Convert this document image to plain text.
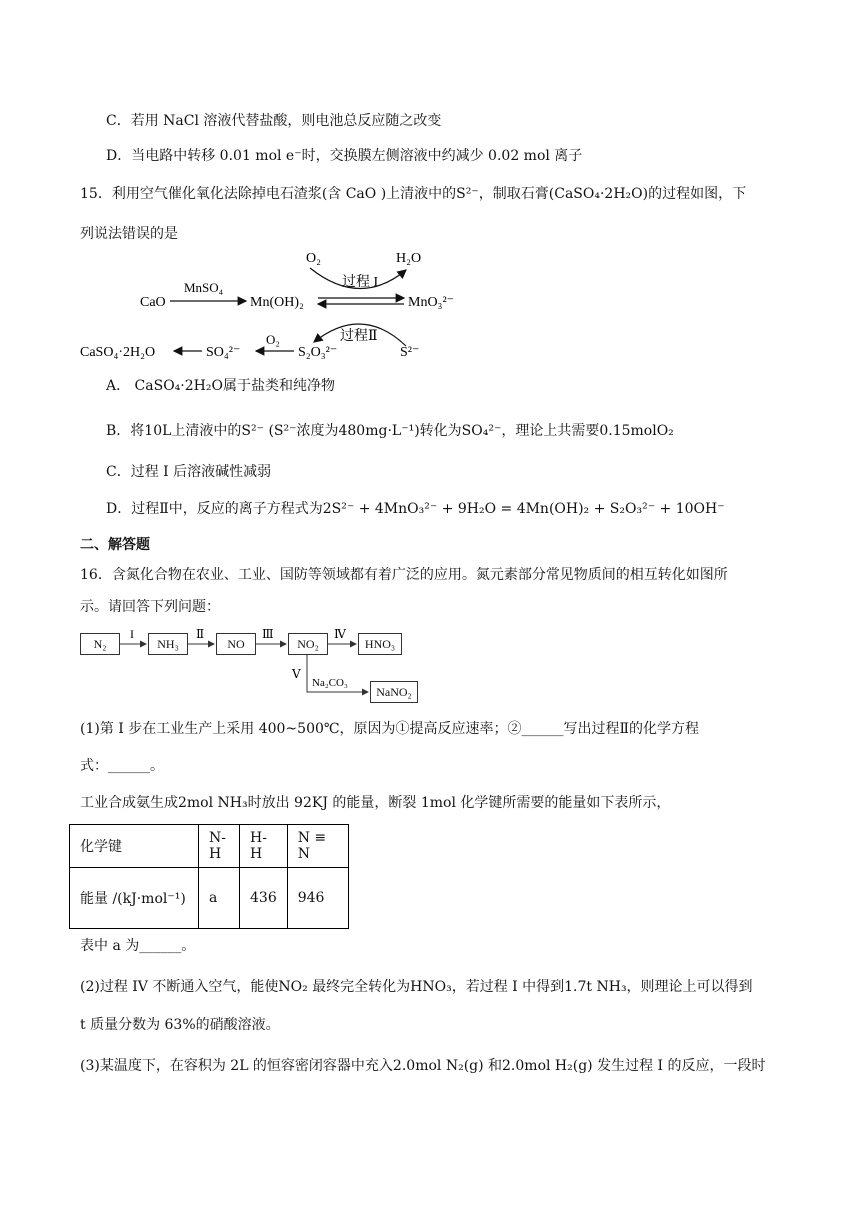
C．若用 NaCl 溶液代替盐酸，则电池总反应随之改变
D．当电路中转移 0.01 mol e⁻时，交换膜左侧溶液中约减少 0.02 mol 离子
15．利用空气催化氧化法除掉电石渣浆(含 CaO )上清液中的S²⁻，制取石膏(CaSO₄·2H₂O)的过程如图，下
列说法错误的是
O₂	H₂O
过程 I
CaO
MnSO₄
Mn(OH)₂	MnO₃²⁻
过程Ⅱ
O₂
CaSO₄·2H₂O	SO₄²⁻	S₂O₃²⁻	S²⁻
A． CaSO₄·2H₂O属于盐类和纯净物
B．将10L上清液中的S²⁻ (S²⁻浓度为480mg·L⁻¹)转化为SO₄²⁻，理论上共需要0.15molO₂
C．过程 I 后溶液碱性减弱
D．过程Ⅱ中，反应的离子方程式为2S²⁻ + 4MnO₃²⁻ + 9H₂O = 4Mn(OH)₂ + S₂O₃²⁻ + 10OH⁻
二、解答题
16．含氮化合物在农业、工业、国防等领域都有着广泛的应用。氮元素部分常见物质间的相互转化如图所
示。请回答下列问题：
N₂	NH₃	NO	NO₂	HNO₃
NaNO₂
I	Ⅱ	Ⅲ	Ⅳ
Ⅴ
Na₂CO₃
(1)第 I 步在工业生产上采用 400~500℃，原因为①提高反应速率；②______写出过程Ⅱ的化学方程
式：______。
工业合成氨生成2mol NH₃时放出 92KJ 的能量，断裂 1mol 化学键所需要的能量如下表所示，
化学键	N-H	H-H	N ≡ N
能量 /(kJ·mol⁻¹)	a	436	946
表中 a 为______。
(2)过程 IV 不断通入空气，能使NO₂ 最终完全转化为HNO₃，若过程 I 中得到1.7t NH₃，则理论上可以得到
t 质量分数为 63%的硝酸溶液。
(3)某温度下，在容积为 2L 的恒容密闭容器中充入2.0mol N₂(g) 和2.0mol H₂(g) 发生过程 I 的反应，一段时
